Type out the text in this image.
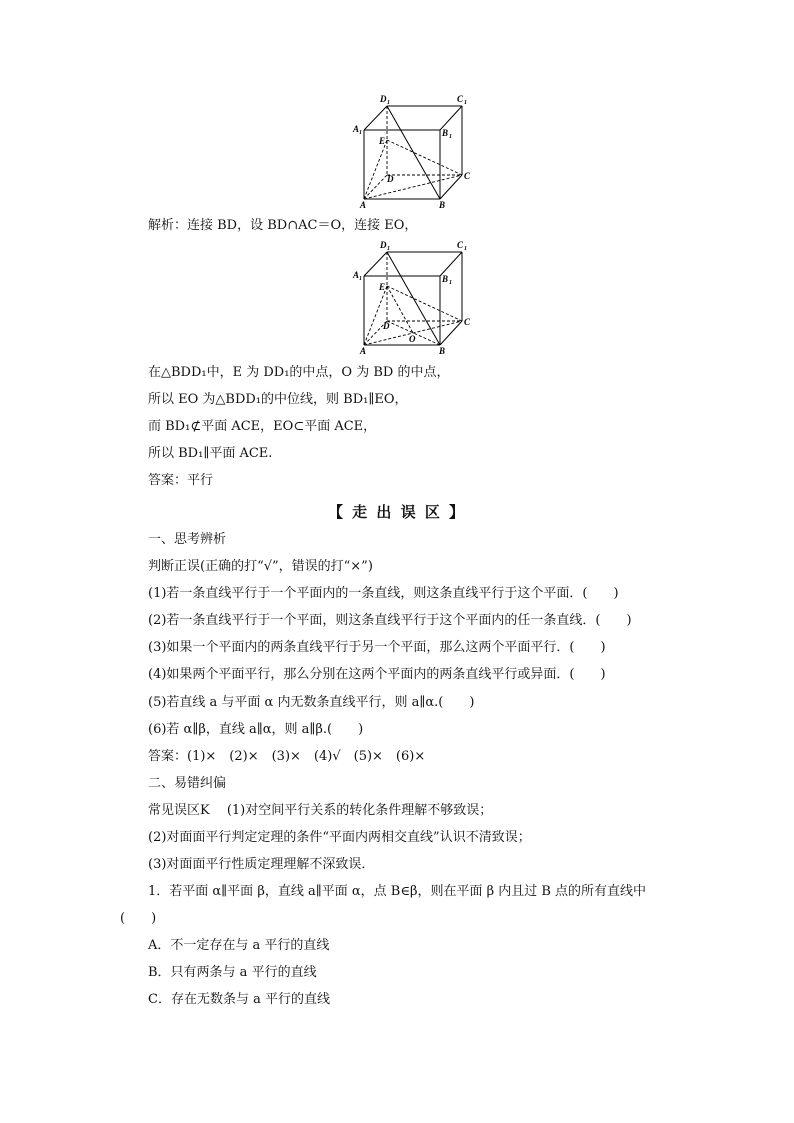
D 1	C 1
A 1	B 1
E
D	C
A	B
解析：连接 BD，设 BD∩AC＝O，连接 EO，
D 1	C 1
A 1	B 1
E
D
O
C
A	B
在△BDD₁中，E 为 DD₁的中点，O 为 BD 的中点，
所以 EO 为△BDD₁的中位线，则 BD₁∥EO，
而 BD₁⊄平面 ACE，EO⊂平面 ACE，
所以 BD₁∥平面 ACE.
答案：平行
【 走 出 误 区 】
一、思考辨析
判断正误(正确的打“√”，错误的打“×”)
(1)若一条直线平行于一个平面内的一条直线，则这条直线平行于这个平面．(　　)
(2)若一条直线平行于一个平面，则这条直线平行于这个平面内的任一条直线．(　　)
(3)如果一个平面内的两条直线平行于另一个平面，那么这两个平面平行．(　　)
(4)如果两个平面平行，那么分别在这两个平面内的两条直线平行或异面．(　　)
(5)若直线 a 与平面 α 内无数条直线平行，则 a∥α.(　　)
(6)若 α∥β，直线 a∥α，则 a∥β.(　　)
答案：(1)×　(2)×　(3)×　(4)√　(5)×　(6)×
二、易错纠偏
常见误区K　 (1)对空间平行关系的转化条件理解不够致误；
(2)对面面平行判定定理的条件“平面内两相交直线”认识不清致误；
(3)对面面平行性质定理理解不深致误．
1．若平面 α∥平面 β，直线 a∥平面 α，点 B∈β，则在平面 β 内且过 B 点的所有直线中
(　　)
A．不一定存在与 a 平行的直线
B．只有两条与 a 平行的直线
C．存在无数条与 a 平行的直线
